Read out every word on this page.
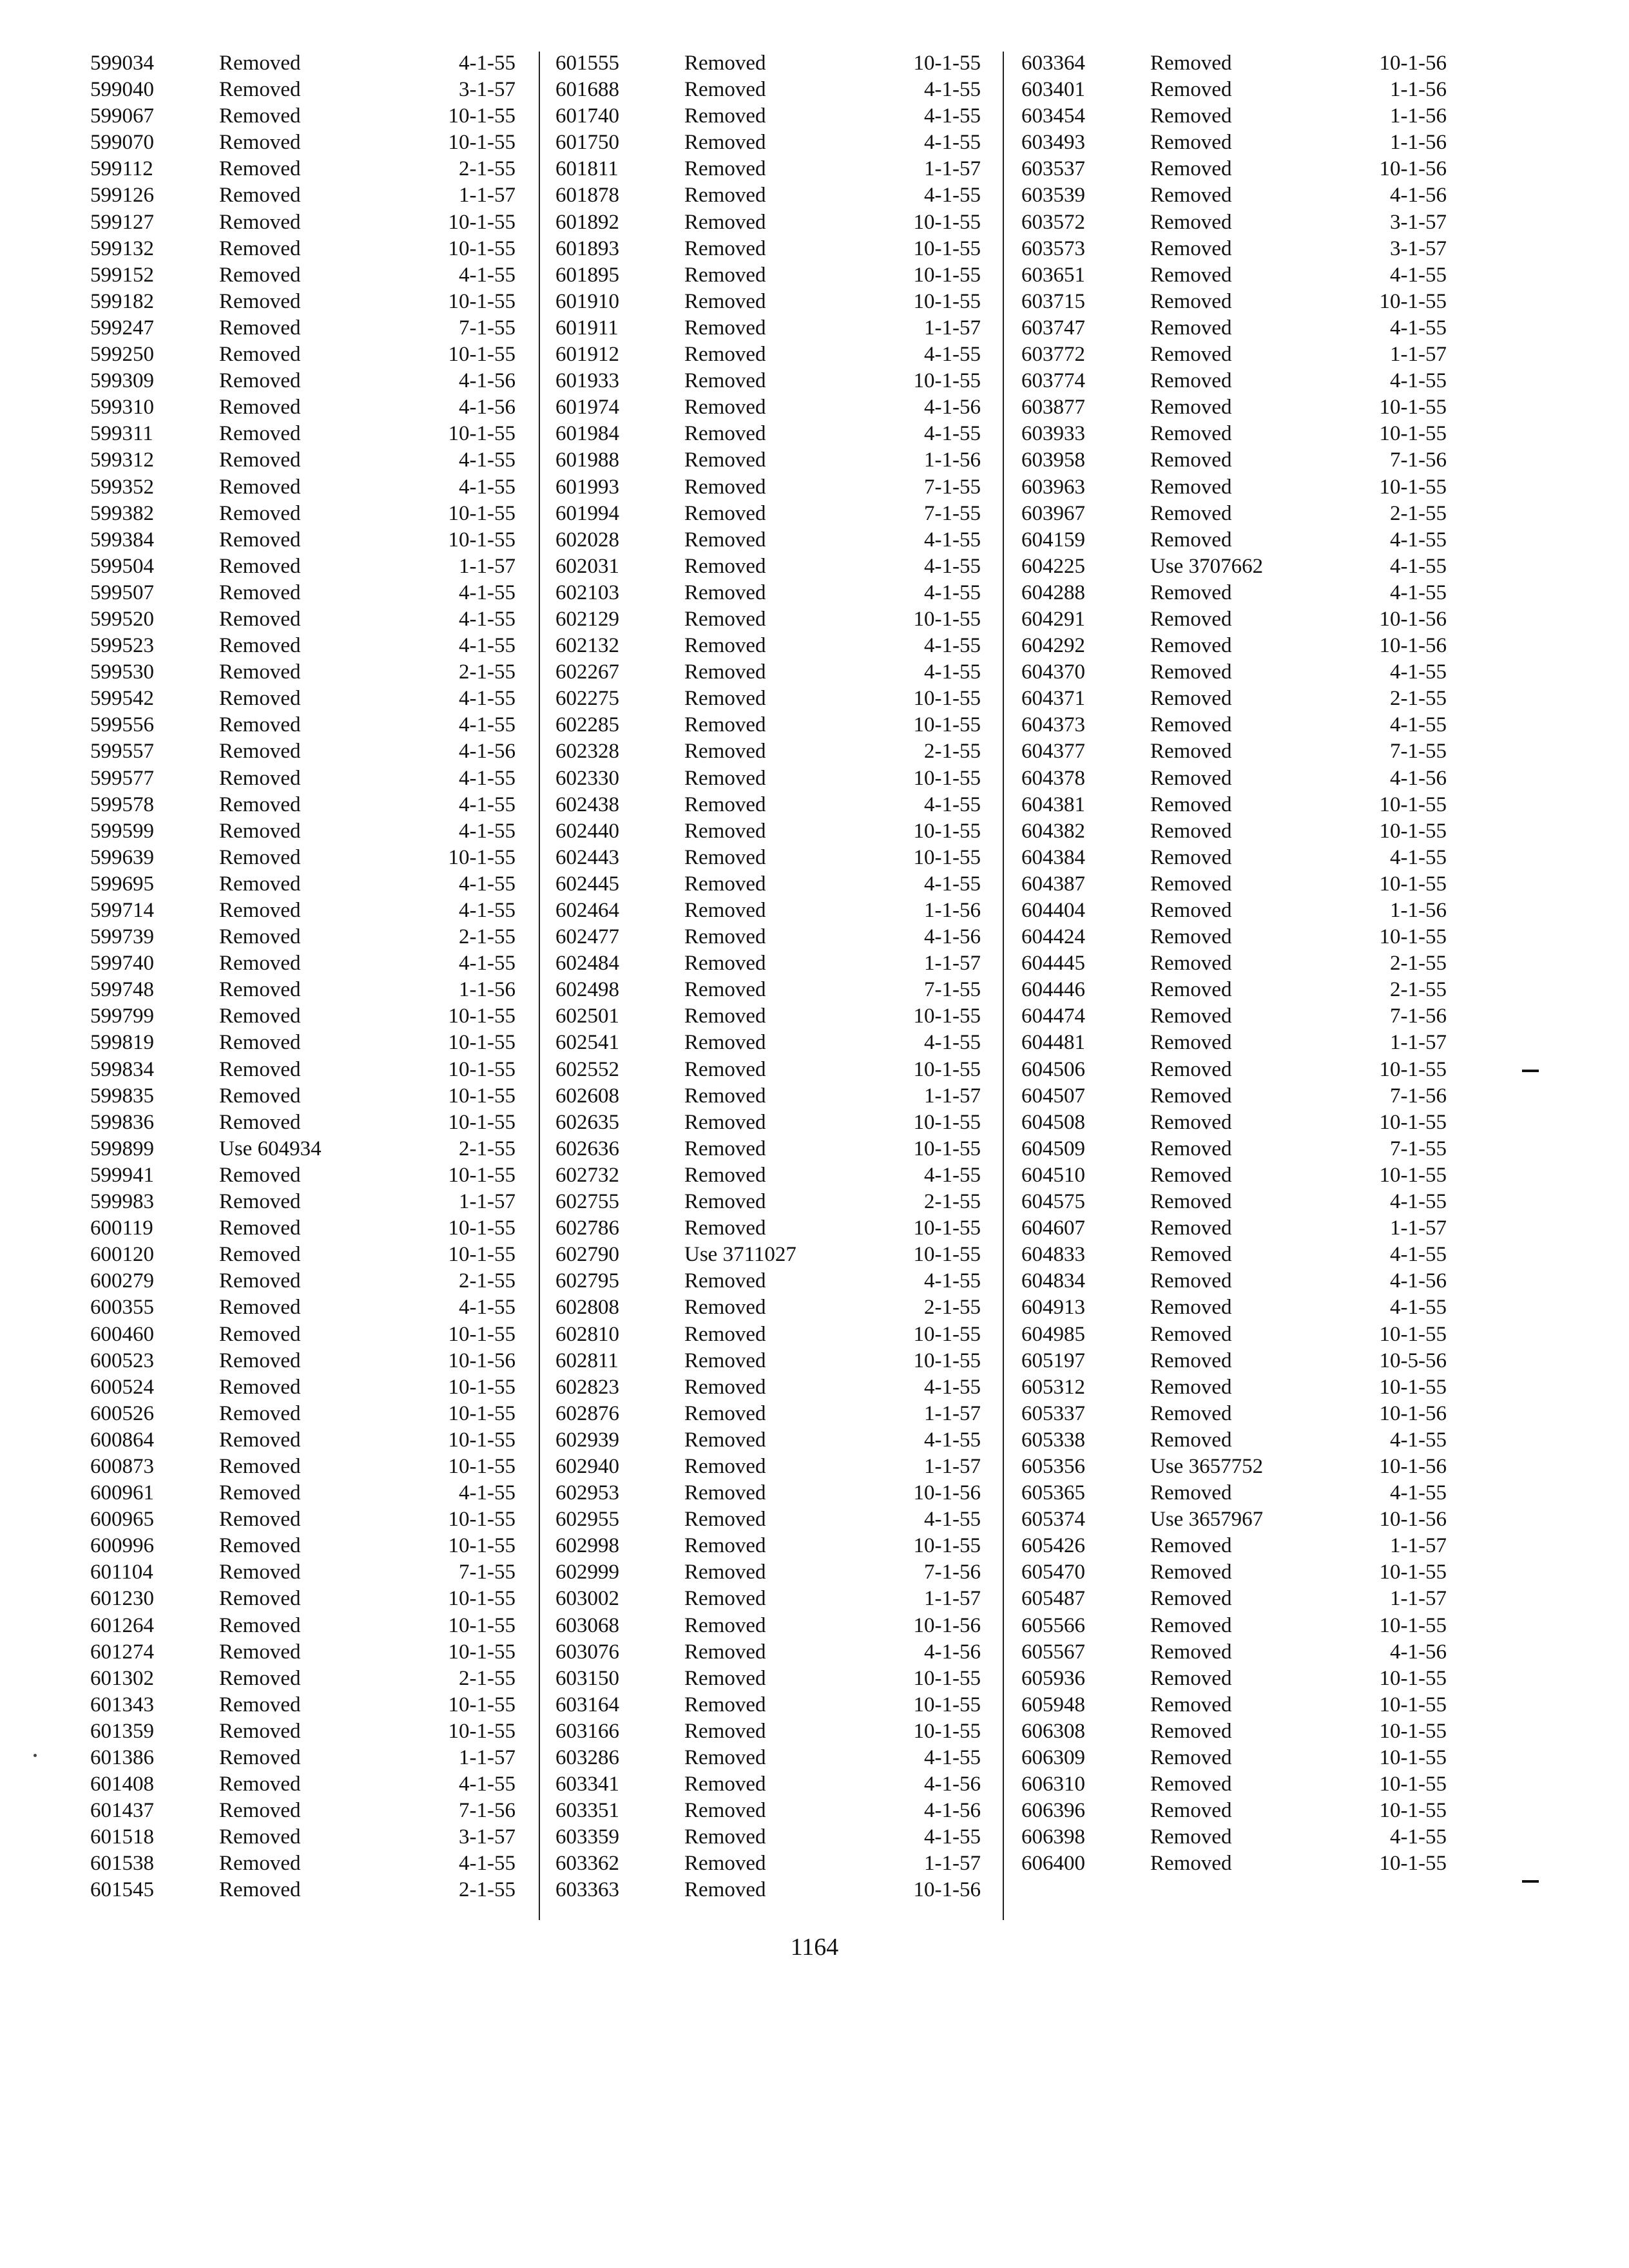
599034	Removed	4-1-55
599040	Removed	3-1-57
599067	Removed	10-1-55
599070	Removed	10-1-55
599112	Removed	2-1-55
599126	Removed	1-1-57
599127	Removed	10-1-55
599132	Removed	10-1-55
599152	Removed	4-1-55
599182	Removed	10-1-55
599247	Removed	7-1-55
599250	Removed	10-1-55
599309	Removed	4-1-56
599310	Removed	4-1-56
599311	Removed	10-1-55
599312	Removed	4-1-55
599352	Removed	4-1-55
599382	Removed	10-1-55
599384	Removed	10-1-55
599504	Removed	1-1-57
599507	Removed	4-1-55
599520	Removed	4-1-55
599523	Removed	4-1-55
599530	Removed	2-1-55
599542	Removed	4-1-55
599556	Removed	4-1-55
599557	Removed	4-1-56
599577	Removed	4-1-55
599578	Removed	4-1-55
599599	Removed	4-1-55
599639	Removed	10-1-55
599695	Removed	4-1-55
599714	Removed	4-1-55
599739	Removed	2-1-55
599740	Removed	4-1-55
599748	Removed	1-1-56
599799	Removed	10-1-55
599819	Removed	10-1-55
599834	Removed	10-1-55
599835	Removed	10-1-55
599836	Removed	10-1-55
599899	Use 604934	2-1-55
599941	Removed	10-1-55
599983	Removed	1-1-57
600119	Removed	10-1-55
600120	Removed	10-1-55
600279	Removed	2-1-55
600355	Removed	4-1-55
600460	Removed	10-1-55
600523	Removed	10-1-56
600524	Removed	10-1-55
600526	Removed	10-1-55
600864	Removed	10-1-55
600873	Removed	10-1-55
600961	Removed	4-1-55
600965	Removed	10-1-55
600996	Removed	10-1-55
601104	Removed	7-1-55
601230	Removed	10-1-55
601264	Removed	10-1-55
601274	Removed	10-1-55
601302	Removed	2-1-55
601343	Removed	10-1-55
601359	Removed	10-1-55
601386	Removed	1-1-57
601408	Removed	4-1-55
601437	Removed	7-1-56
601518	Removed	3-1-57
601538	Removed	4-1-55
601545	Removed	2-1-55
601555	Removed	10-1-55
601688	Removed	4-1-55
601740	Removed	4-1-55
601750	Removed	4-1-55
601811	Removed	1-1-57
601878	Removed	4-1-55
601892	Removed	10-1-55
601893	Removed	10-1-55
601895	Removed	10-1-55
601910	Removed	10-1-55
601911	Removed	1-1-57
601912	Removed	4-1-55
601933	Removed	10-1-55
601974	Removed	4-1-56
601984	Removed	4-1-55
601988	Removed	1-1-56
601993	Removed	7-1-55
601994	Removed	7-1-55
602028	Removed	4-1-55
602031	Removed	4-1-55
602103	Removed	4-1-55
602129	Removed	10-1-55
602132	Removed	4-1-55
602267	Removed	4-1-55
602275	Removed	10-1-55
602285	Removed	10-1-55
602328	Removed	2-1-55
602330	Removed	10-1-55
602438	Removed	4-1-55
602440	Removed	10-1-55
602443	Removed	10-1-55
602445	Removed	4-1-55
602464	Removed	1-1-56
602477	Removed	4-1-56
602484	Removed	1-1-57
602498	Removed	7-1-55
602501	Removed	10-1-55
602541	Removed	4-1-55
602552	Removed	10-1-55
602608	Removed	1-1-57
602635	Removed	10-1-55
602636	Removed	10-1-55
602732	Removed	4-1-55
602755	Removed	2-1-55
602786	Removed	10-1-55
602790	Use 3711027	10-1-55
602795	Removed	4-1-55
602808	Removed	2-1-55
602810	Removed	10-1-55
602811	Removed	10-1-55
602823	Removed	4-1-55
602876	Removed	1-1-57
602939	Removed	4-1-55
602940	Removed	1-1-57
602953	Removed	10-1-56
602955	Removed	4-1-55
602998	Removed	10-1-55
602999	Removed	7-1-56
603002	Removed	1-1-57
603068	Removed	10-1-56
603076	Removed	4-1-56
603150	Removed	10-1-55
603164	Removed	10-1-55
603166	Removed	10-1-55
603286	Removed	4-1-55
603341	Removed	4-1-56
603351	Removed	4-1-56
603359	Removed	4-1-55
603362	Removed	1-1-57
603363	Removed	10-1-56
603364	Removed	10-1-56
603401	Removed	1-1-56
603454	Removed	1-1-56
603493	Removed	1-1-56
603537	Removed	10-1-56
603539	Removed	4-1-56
603572	Removed	3-1-57
603573	Removed	3-1-57
603651	Removed	4-1-55
603715	Removed	10-1-55
603747	Removed	4-1-55
603772	Removed	1-1-57
603774	Removed	4-1-55
603877	Removed	10-1-55
603933	Removed	10-1-55
603958	Removed	7-1-56
603963	Removed	10-1-55
603967	Removed	2-1-55
604159	Removed	4-1-55
604225	Use 3707662	4-1-55
604288	Removed	4-1-55
604291	Removed	10-1-56
604292	Removed	10-1-56
604370	Removed	4-1-55
604371	Removed	2-1-55
604373	Removed	4-1-55
604377	Removed	7-1-55
604378	Removed	4-1-56
604381	Removed	10-1-55
604382	Removed	10-1-55
604384	Removed	4-1-55
604387	Removed	10-1-55
604404	Removed	1-1-56
604424	Removed	10-1-55
604445	Removed	2-1-55
604446	Removed	2-1-55
604474	Removed	7-1-56
604481	Removed	1-1-57
604506	Removed	10-1-55
604507	Removed	7-1-56
604508	Removed	10-1-55
604509	Removed	7-1-55
604510	Removed	10-1-55
604575	Removed	4-1-55
604607	Removed	1-1-57
604833	Removed	4-1-55
604834	Removed	4-1-56
604913	Removed	4-1-55
604985	Removed	10-1-55
605197	Removed	10-5-56
605312	Removed	10-1-55
605337	Removed	10-1-56
605338	Removed	4-1-55
605356	Use 3657752	10-1-56
605365	Removed	4-1-55
605374	Use 3657967	10-1-56
605426	Removed	1-1-57
605470	Removed	10-1-55
605487	Removed	1-1-57
605566	Removed	10-1-55
605567	Removed	4-1-56
605936	Removed	10-1-55
605948	Removed	10-1-55
606308	Removed	10-1-55
606309	Removed	10-1-55
606310	Removed	10-1-55
606396	Removed	10-1-55
606398	Removed	4-1-55
606400	Removed	10-1-55
1164
